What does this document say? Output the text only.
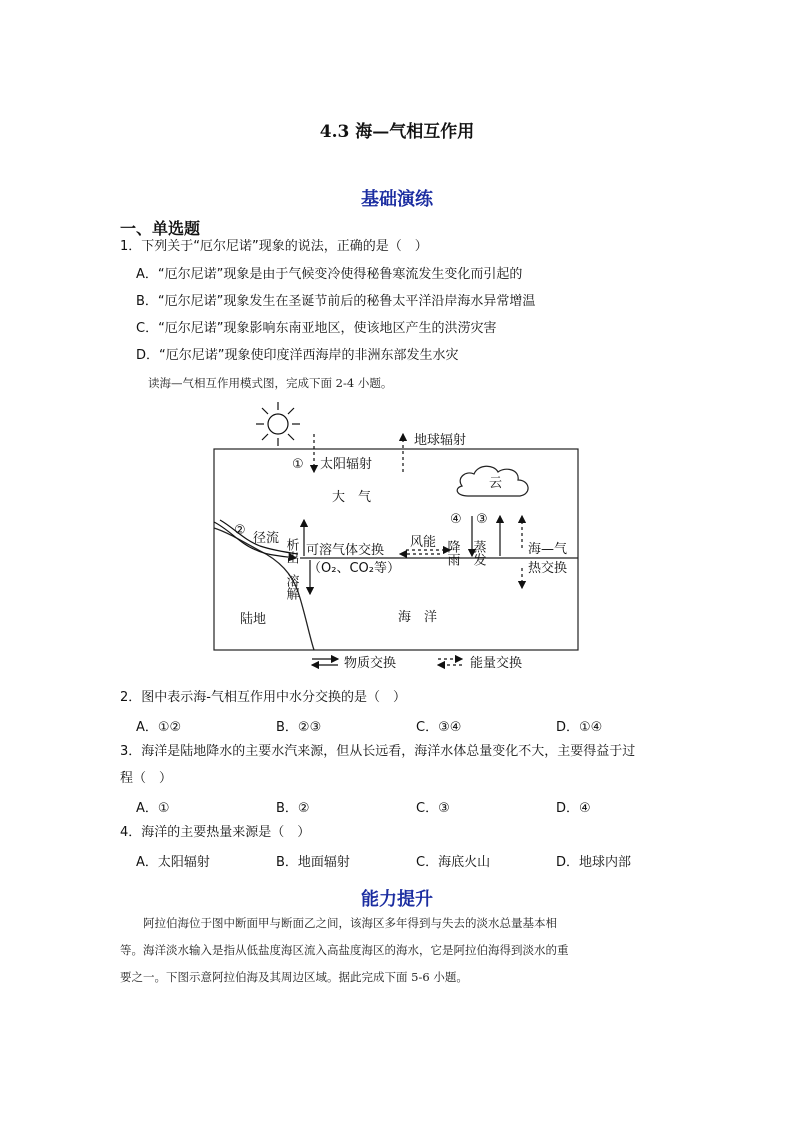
4.3 海—气相互作用
基础演练
一、单选题
1．下列关于“厄尔尼诺”现象的说法，正确的是（　）
A．“厄尔尼诺”现象是由于气候变冷使得秘鲁寒流发生变化而引起的
B．“厄尔尼诺”现象发生在圣诞节前后的秘鲁太平洋沿岸海水异常增温
C．“厄尔尼诺”现象影响东南亚地区，使该地区产生的洪涝灾害
D．“厄尔尼诺”现象使印度洋西海岸的非洲东部发生水灾
读海—气相互作用模式图，完成下面 2-4 小题。
地球辐射
① 太阳辐射
大　气
云
②
径流 析出
溶解
可溶气体交换
（O₂、CO₂等）
风能
④
降雨
③
蒸发	海—气
热交换
陆地	海　洋
物质交换	能量交换
2．图中表示海-气相互作用中水分交换的是（　）
A．①②	B．②③	C．③④	D．①④
3．海洋是陆地降水的主要水汽来源，但从长远看，海洋水体总量变化不大，主要得益于过
程（　）
A．①	B．②	C．③	D．④
4．海洋的主要热量来源是（　）
A．太阳辐射	B．地面辐射	C．海底火山	D．地球内部
能力提升
　　阿拉伯海位于图中断面甲与断面乙之间，该海区多年得到与失去的淡水总量基本相
等。海洋淡水输入是指从低盐度海区流入高盐度海区的海水，它是阿拉伯海得到淡水的重
要之一。下图示意阿拉伯海及其周边区域。据此完成下面 5-6 小题。
